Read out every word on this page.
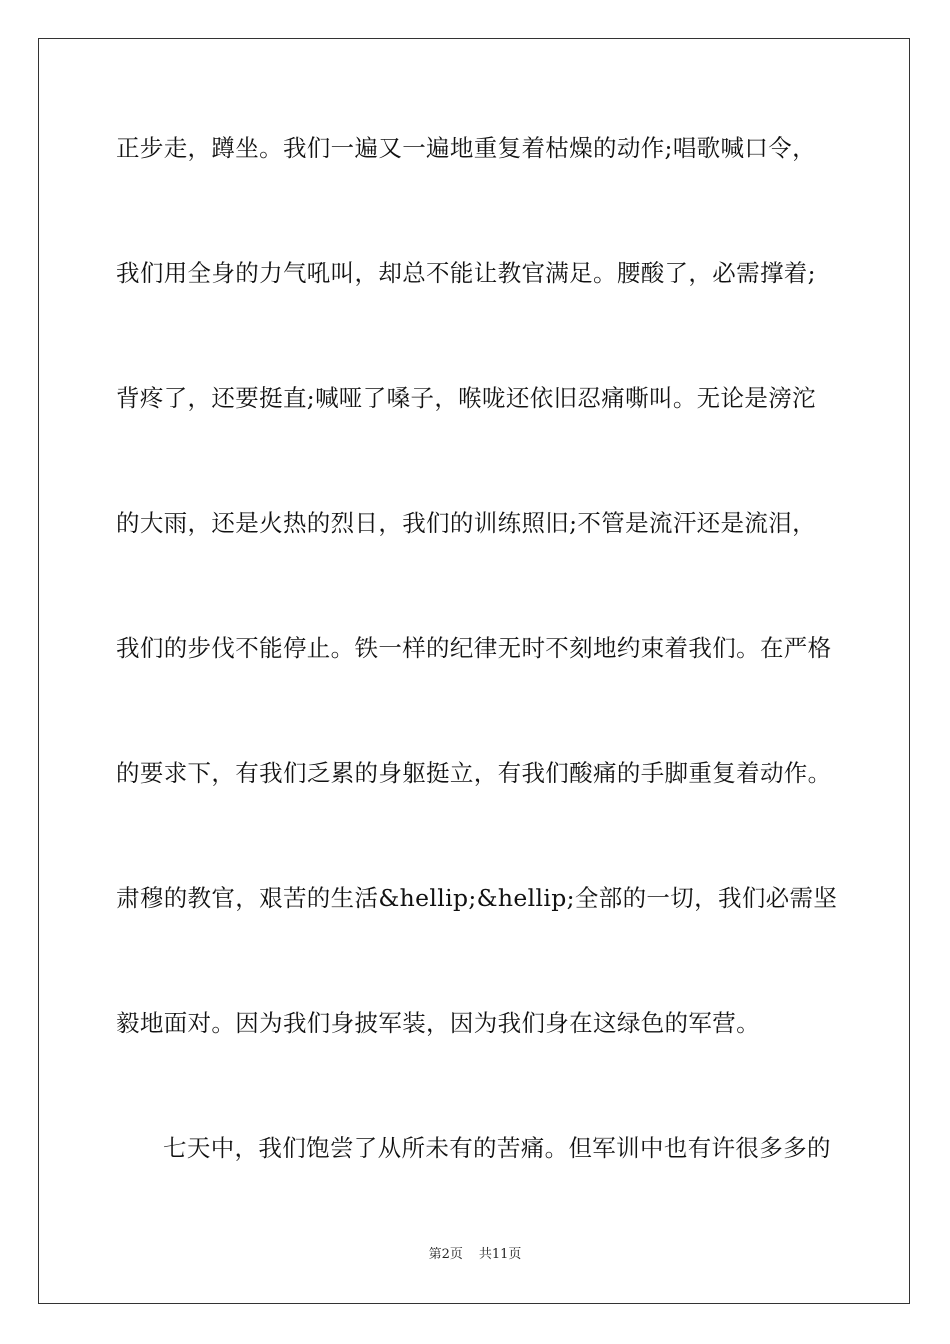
正步走，蹲坐。我们一遍又一遍地重复着枯燥的动作;唱歌喊口令，
我们用全身的力气吼叫，却总不能让教官满足。腰酸了，必需撑着;
背疼了，还要挺直;喊哑了嗓子，喉咙还依旧忍痛嘶叫。无论是滂沱
的大雨，还是火热的烈日，我们的训练照旧;不管是流汗还是流泪，
我们的步伐不能停止。铁一样的纪律无时不刻地约束着我们。在严格
的要求下，有我们乏累的身躯挺立，有我们酸痛的手脚重复着动作。
肃穆的教官，艰苦的生活&hellip;&hellip;全部的一切，我们必需坚
毅地面对。因为我们身披军装，因为我们身在这绿色的军营。
七天中，我们饱尝了从所未有的苦痛。但军训中也有许很多多的
第2页 共11页
